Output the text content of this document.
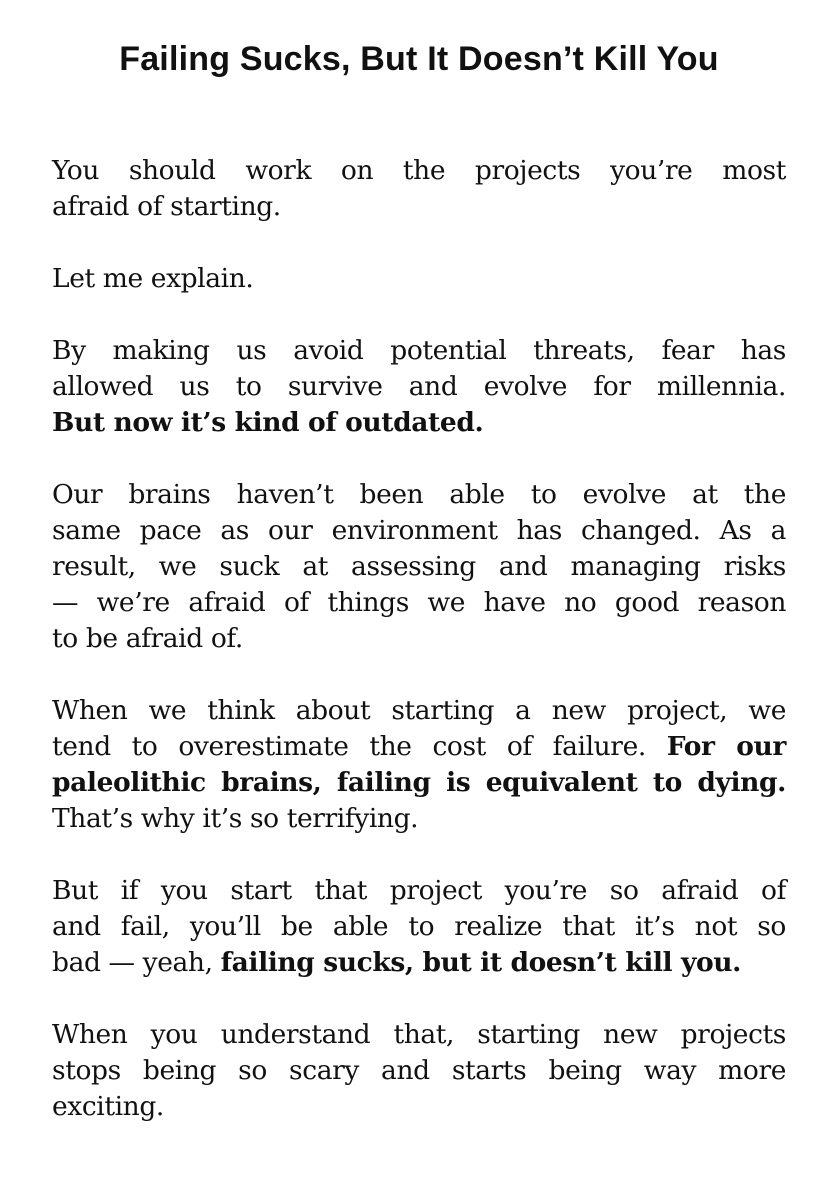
Failing Sucks, But It Doesn’t Kill You

You should work on the projects you’re most
afraid of starting.

Let me explain.

By making us avoid potential threats, fear has
allowed us to survive and evolve for millennia.
But now it’s kind of outdated.

Our brains haven’t been able to evolve at the
same pace as our environment has changed. As a
result, we suck at assessing and managing risks
— we’re afraid of things we have no good reason
to be afraid of.

When we think about starting a new project, we
tend to overestimate the cost of failure. For our
paleolithic brains, failing is equivalent to dying.
That’s why it’s so terrifying.

But if you start that project you’re so afraid of
and fail, you’ll be able to realize that it’s not so
bad — yeah, failing sucks, but it doesn’t kill you.

When you understand that, starting new projects
stops being so scary and starts being way more
exciting.
